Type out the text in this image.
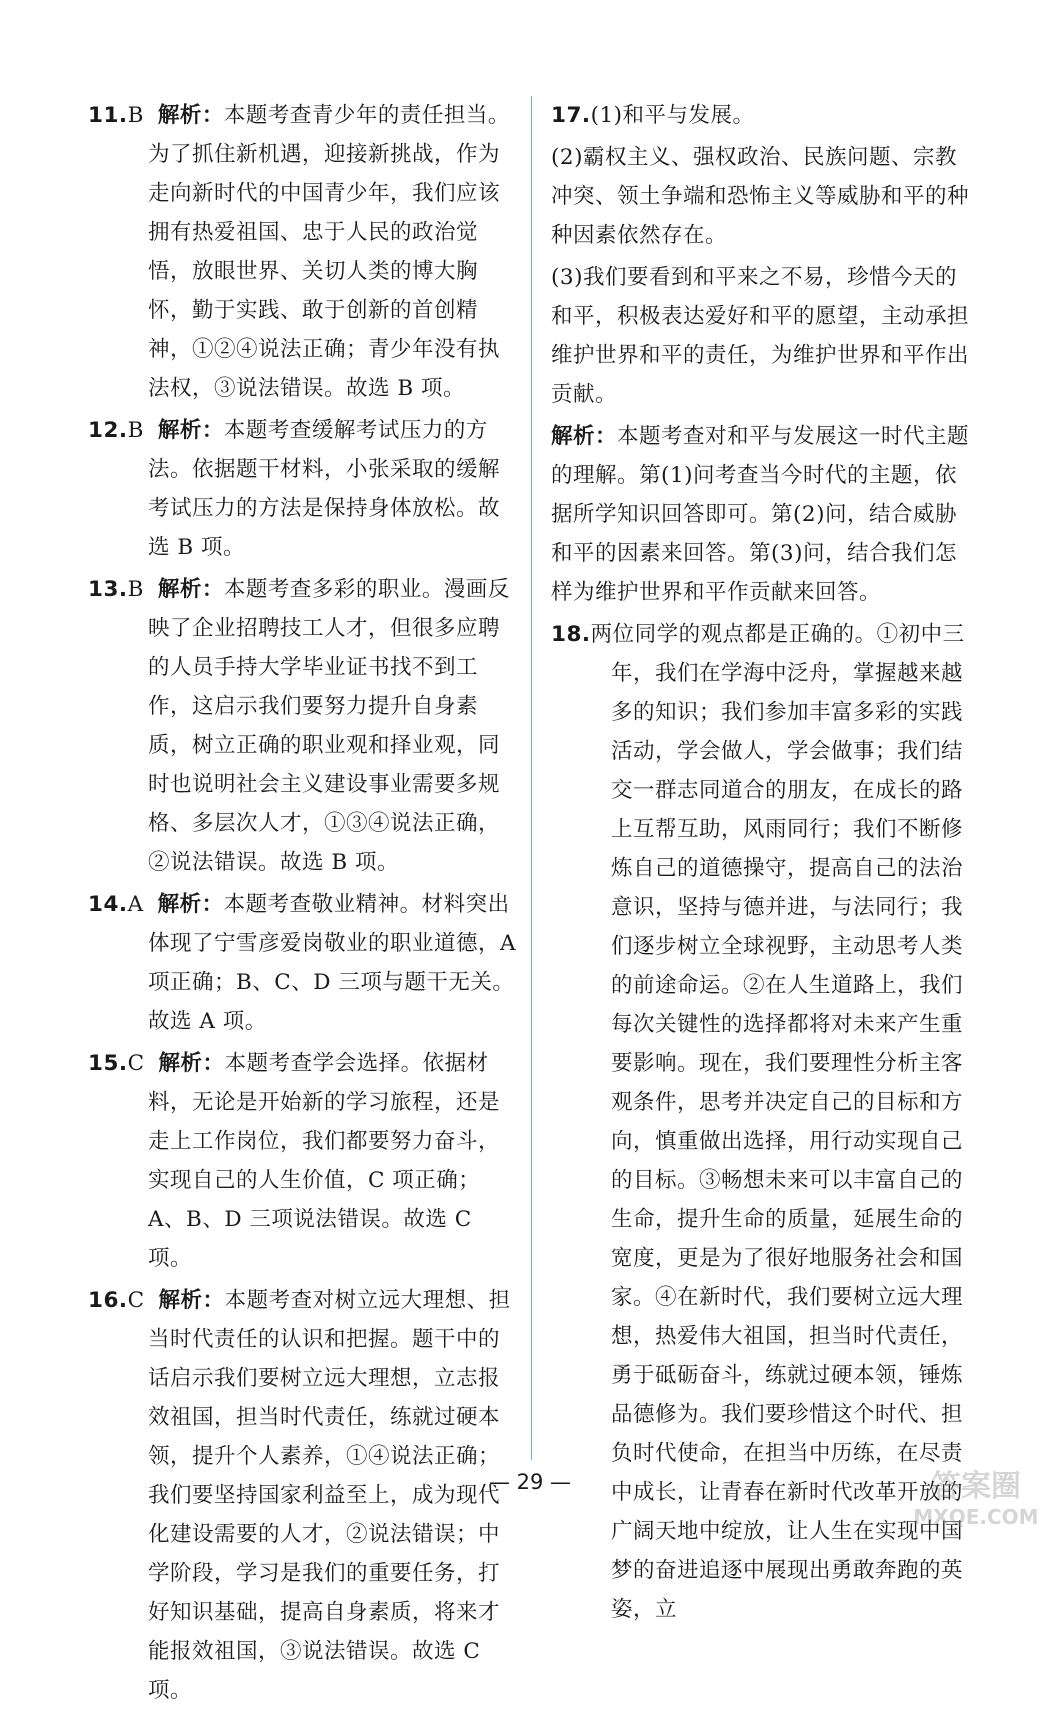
11.B 解析：本题考查青少年的责任担当。为了抓住新机遇，迎接新挑战，作为走向新时代的中国青少年，我们应该拥有热爱祖国、忠于人民的政治觉悟，放眼世界、关切人类的博大胸怀，勤于实践、敢于创新的首创精神，①②④说法正确；青少年没有执法权，③说法错误。故选 B 项。
12.B 解析：本题考查缓解考试压力的方法。依据题干材料，小张采取的缓解考试压力的方法是保持身体放松。故选 B 项。
13.B 解析：本题考查多彩的职业。漫画反映了企业招聘技工人才，但很多应聘的人员手持大学毕业证书找不到工作，这启示我们要努力提升自身素质，树立正确的职业观和择业观，同时也说明社会主义建设事业需要多规格、多层次人才，①③④说法正确，②说法错误。故选 B 项。
14.A 解析：本题考查敬业精神。材料突出体现了宁雪彦爱岗敬业的职业道德，A 项正确；B、C、D 三项与题干无关。故选 A 项。
15.C 解析：本题考查学会选择。依据材料，无论是开始新的学习旅程，还是走上工作岗位，我们都要努力奋斗，实现自己的人生价值，C 项正确；A、B、D 三项说法错误。故选 C 项。
16.C 解析：本题考查对树立远大理想、担当时代责任的认识和把握。题干中的话启示我们要树立远大理想，立志报效祖国，担当时代责任，练就过硬本领，提升个人素养，①④说法正确；我们要坚持国家利益至上，成为现代化建设需要的人才，②说法错误；中学阶段，学习是我们的重要任务，打好知识基础，提高自身素质，将来才能报效祖国，③说法错误。故选 C 项。
17.(1)和平与发展。
(2)霸权主义、强权政治、民族问题、宗教冲突、领土争端和恐怖主义等威胁和平的种种因素依然存在。
(3)我们要看到和平来之不易，珍惜今天的和平，积极表达爱好和平的愿望，主动承担维护世界和平的责任，为维护世界和平作出贡献。
解析：本题考查对和平与发展这一时代主题的理解。第(1)问考查当今时代的主题，依据所学知识回答即可。第(2)问，结合威胁和平的因素来回答。第(3)问，结合我们怎样为维护世界和平作贡献来回答。
18.两位同学的观点都是正确的。①初中三年，我们在学海中泛舟，掌握越来越多的知识；我们参加丰富多彩的实践活动，学会做人，学会做事；我们结交一群志同道合的朋友，在成长的路上互帮互助，风雨同行；我们不断修炼自己的道德操守，提高自己的法治意识，坚持与德并进，与法同行；我们逐步树立全球视野，主动思考人类的前途命运。②在人生道路上，我们每次关键性的选择都将对未来产生重要影响。现在，我们要理性分析主客观条件，思考并决定自己的目标和方向，慎重做出选择，用行动实现自己的目标。③畅想未来可以丰富自己的生命，提升生命的质量，延展生命的宽度，更是为了很好地服务社会和国家。④在新时代，我们要树立远大理想，热爱伟大祖国，担当时代责任，勇于砥砺奋斗，练就过硬本领，锤炼品德修为。我们要珍惜这个时代、担负时代使命，在担当中历练，在尽责中成长，让青春在新时代改革开放的广阔天地中绽放，让人生在实现中国梦的奋进追逐中展现出勇敢奔跑的英姿，立
— 29 —	答案圈
MXQE.COM
